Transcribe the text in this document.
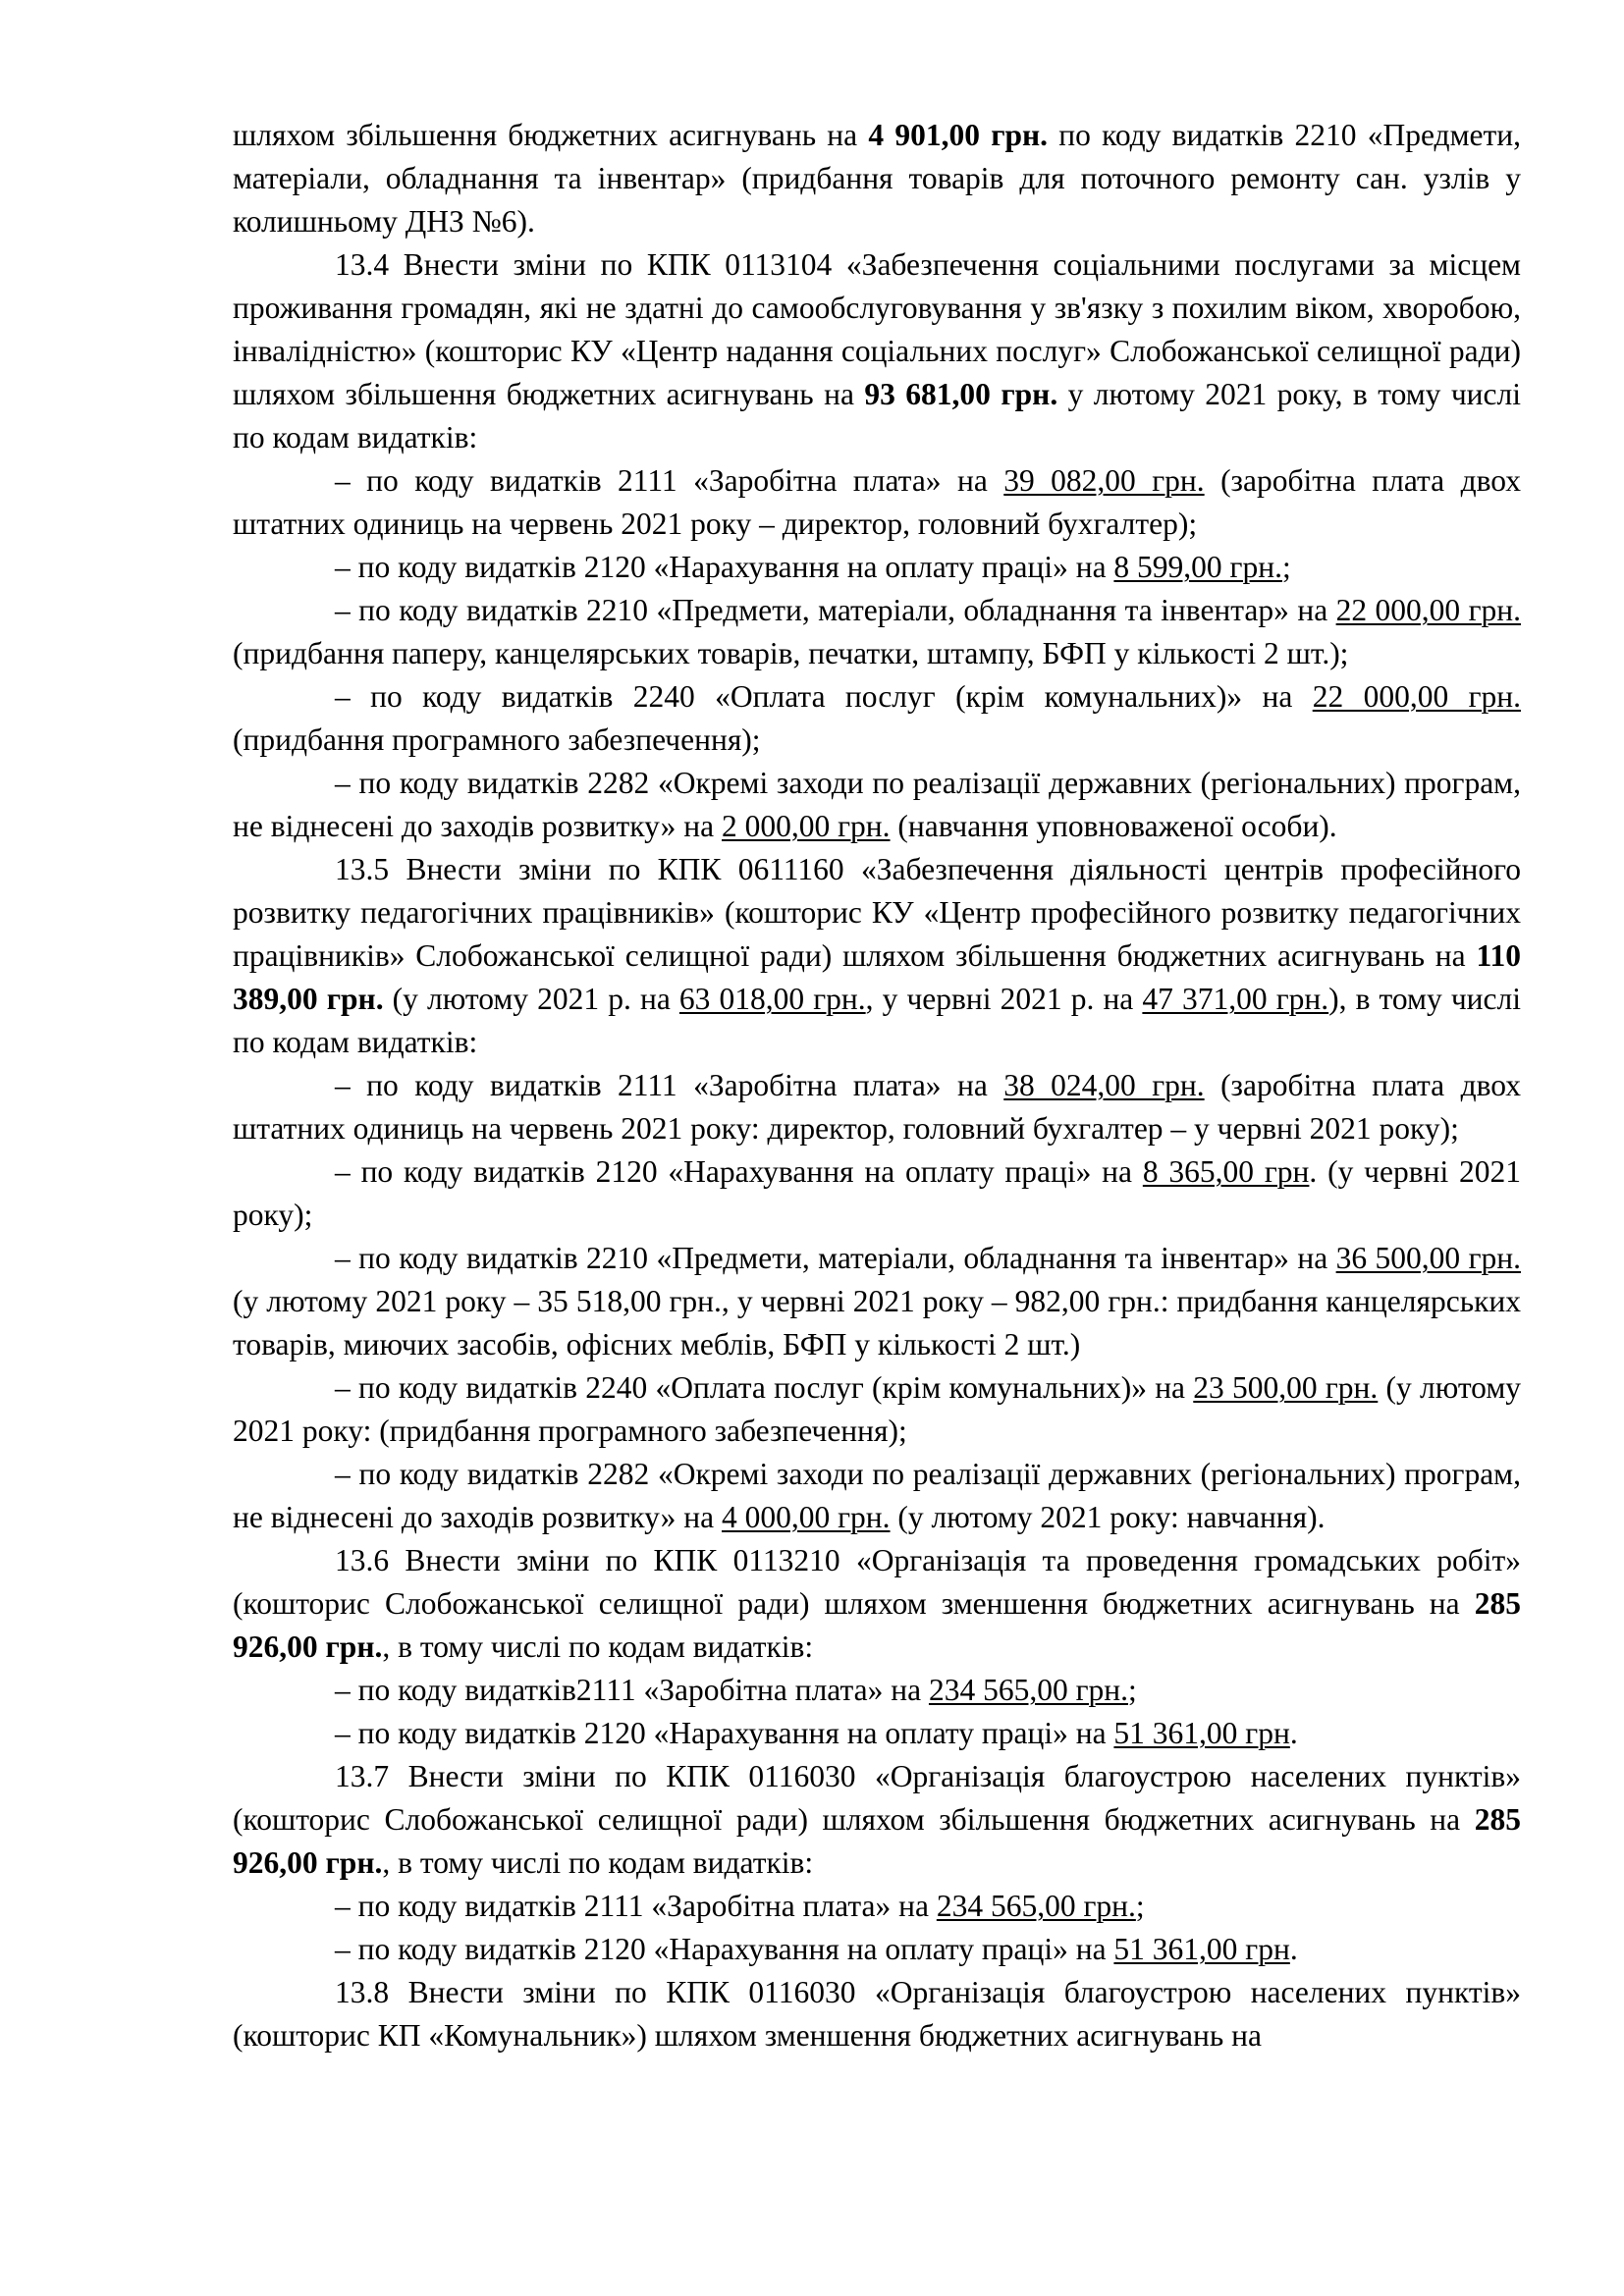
шляхом збільшення бюджетних асигнувань на 4 901,00 грн. по коду видатків 2210 «Предмети, матеріали, обладнання та інвентар» (придбання товарів для поточного ремонту сан. узлів у колишньому ДНЗ №6).

13.4 Внести зміни по КПК 0113104 «Забезпечення соціальними послугами за місцем проживання громадян, які не здатні до самообслуговування у зв'язку з похилим віком, хворобою, інвалідністю» (кошторис КУ «Центр надання соціальних послуг» Слобожанської селищної ради) шляхом збільшення бюджетних асигнувань на 93 681,00 грн. у лютому 2021 року, в тому числі по кодам видатків:

– по коду видатків 2111 «Заробітна плата» на 39 082,00 грн. (заробітна плата двох штатних одиниць на червень 2021 року – директор, головний бухгалтер);

– по коду видатків 2120 «Нарахування на оплату праці» на 8 599,00 грн.;

– по коду видатків 2210 «Предмети, матеріали, обладнання та інвентар» на 22 000,00 грн. (придбання паперу, канцелярських товарів, печатки, штампу, БФП у кількості 2 шт.);

– по коду видатків 2240 «Оплата послуг (крім комунальних)» на 22 000,00 грн. (придбання програмного забезпечення);

– по коду видатків 2282 «Окремі заходи по реалізації державних (регіональних) програм, не віднесені до заходів розвитку» на 2 000,00 грн. (навчання уповноваженої особи).

13.5 Внести зміни по КПК 0611160 «Забезпечення діяльності центрів професійного розвитку педагогічних працівників» (кошторис КУ «Центр професійного розвитку педагогічних працівників» Слобожанської селищної ради) шляхом збільшення бюджетних асигнувань на 110 389,00 грн. (у лютому 2021 р. на 63 018,00 грн., у червні 2021 р. на 47 371,00 грн.), в тому числі по кодам видатків:

– по коду видатків 2111 «Заробітна плата» на 38 024,00 грн. (заробітна плата двох штатних одиниць на червень 2021 року: директор, головний бухгалтер – у червні 2021 року);

– по коду видатків 2120 «Нарахування на оплату праці» на 8 365,00 грн. (у червні 2021 року);

– по коду видатків 2210 «Предмети, матеріали, обладнання та інвентар» на 36 500,00 грн. (у лютому 2021 року – 35 518,00 грн., у червні 2021 року – 982,00 грн.: придбання канцелярських товарів, миючих засобів, офісних меблів, БФП у кількості 2 шт.)

– по коду видатків 2240 «Оплата послуг (крім комунальних)» на 23 500,00 грн. (у лютому 2021 року: (придбання програмного забезпечення);

– по коду видатків 2282 «Окремі заходи по реалізації державних (регіональних) програм, не віднесені до заходів розвитку» на 4 000,00 грн. (у лютому 2021 року: навчання).

13.6 Внести зміни по КПК 0113210 «Організація та проведення громадських робіт» (кошторис Слобожанської селищної ради) шляхом зменшення бюджетних асигнувань на 285 926,00 грн., в тому числі по кодам видатків:

– по коду видатків2111 «Заробітна плата» на 234 565,00 грн.;

– по коду видатків 2120 «Нарахування на оплату праці» на 51 361,00 грн.

13.7 Внести зміни по КПК 0116030 «Організація благоустрою населених пунктів» (кошторис Слобожанської селищної ради) шляхом збільшення бюджетних асигнувань на 285 926,00 грн., в тому числі по кодам видатків:

– по коду видатків 2111 «Заробітна плата» на 234 565,00 грн.;

– по коду видатків 2120 «Нарахування на оплату праці» на 51 361,00 грн.

13.8 Внести зміни по КПК 0116030 «Організація благоустрою населених пунктів» (кошторис КП «Комунальник») шляхом зменшення бюджетних асигнувань на
